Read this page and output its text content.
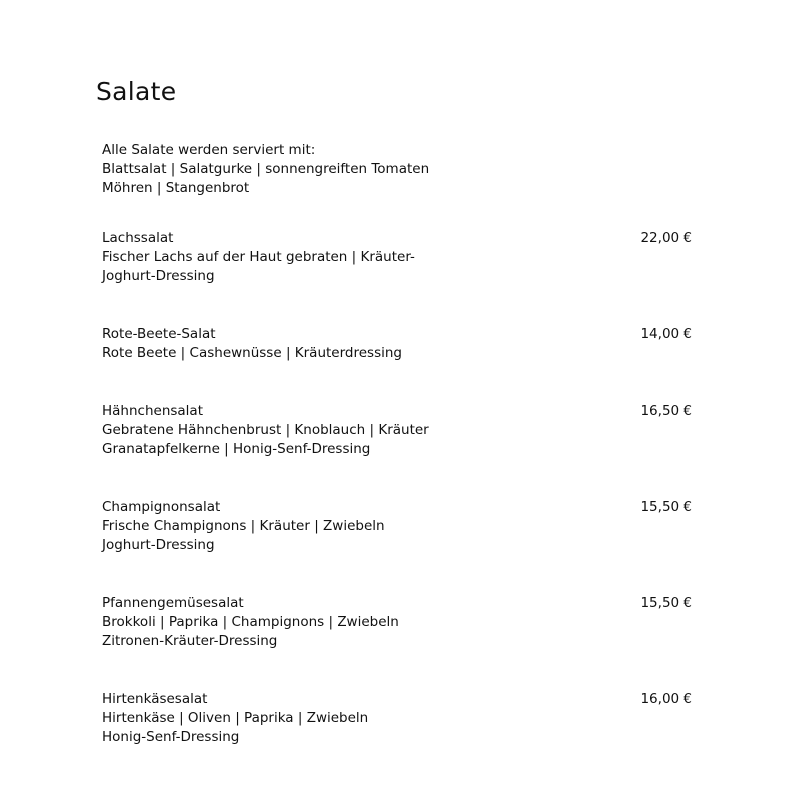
Salate
Alle Salate werden serviert mit:
Blattsalat | Salatgurke | sonnengreiften Tomaten
Möhren | Stangenbrot
Lachssalat
Fischer Lachs auf der Haut gebraten | Kräuter-
Joghurt-Dressing
22,00 €
Rote-Beete-Salat
Rote Beete | Cashewnüsse | Kräuterdressing
14,00 €
Hähnchensalat
Gebratene Hähnchenbrust | Knoblauch | Kräuter
Granatapfelkerne | Honig-Senf-Dressing
16,50 €
Champignonsalat
Frische Champignons | Kräuter | Zwiebeln
Joghurt-Dressing
15,50 €
Pfannengemüsesalat
Brokkoli | Paprika | Champignons | Zwiebeln
Zitronen-Kräuter-Dressing
15,50 €
Hirtenkäsesalat
Hirtenkäse | Oliven | Paprika | Zwiebeln
Honig-Senf-Dressing
16,00 €
